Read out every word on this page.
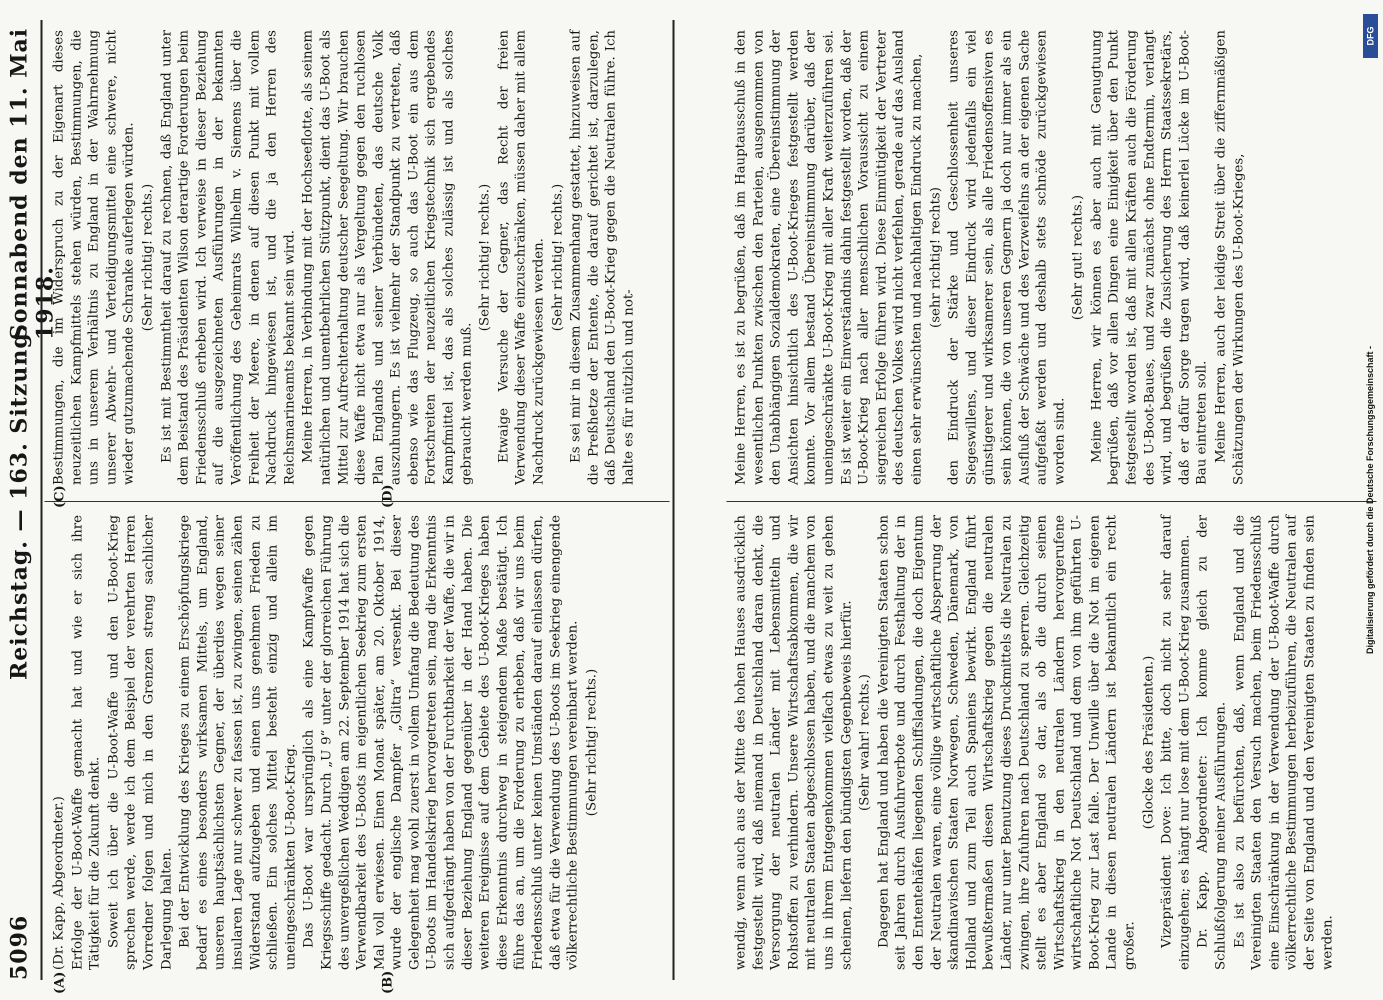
5096
Reichstag. — 163. Sitzung.
Sonnabend den 11. Mai 1918.
(A)	(B)
(C)	(D)

(Dr. Kapp, Abgeordneter.) Erfolge der U-Boot-Waffe gemacht hat und wie er sich ihre Tätigkeit für die Zukunft denkt. Soweit ich über die U-Boot-Waffe und den U-Boot-Krieg sprechen werde, werde ich dem Beispiel der verehrten Herren Vorredner folgen und mich in den Grenzen streng sachlicher Darlegung halten. Bei der Entwicklung des Krieges zu einem Erschöpfungskriege bedarf es eines besonders wirksamen Mittels, um England, unseren hauptsächlichsten Gegner, der überdies wegen seiner insularen Lage nur schwer zu fassen ist, zu zwingen, seinen zähen Widerstand aufzugeben und einen uns genehmen Frieden zu schließen. Ein solches Mittel besteht einzig und allein im uneingeschränkten U-Boot-Krieg. Das U-Boot war ursprünglich als eine Kampfwaffe gegen Kriegsschiffe gedacht. Durch „U 9“ unter der glorreichen Führung des unvergeßlichen Weddigen am 22. September 1914 hat sich die Verwendbarkeit des U-Boots im eigentlichen Seekrieg zum ersten Mal voll erwiesen. Einen Monat später, am 20. Oktober 1914, wurde der englische Dampfer „Glitra“ versenkt. Bei dieser Gelegenheit mag wohl zuerst in vollem Umfang die Bedeutung des U-Boots im Handelskrieg hervorgetreten sein, mag die Erkenntnis sich aufgedrängt haben von der Furchtbarkeit der Waffe, die wir in dieser Beziehung England gegenüber in der Hand haben. Die weiteren Ereignisse auf dem Gebiete des U-Boot-Krieges haben diese Erkenntnis durchweg in steigendem Maße bestätigt. Ich führe das an, um die Forderung zu erheben, daß wir uns beim Friedensschluß unter keinen Umständen darauf einlassen dürfen, daß etwa für die Verwendung des U-Boots im Seekrieg einengende völkerrechtliche Bestimmungen vereinbart werden. (Sehr richtig! rechts.)

Bestimmungen, die im Widerspruch zu der Eigenart dieses neuzeitlichen Kampfmittels stehen würden, Bestimmungen, die uns in unserem Verhältnis zu England in der Wahrnehmung unserer Abwehr- und Verteidigungsmittel eine schwere, nicht wieder gutzumachende Schranke auferlegen würden. (Sehr richtig! rechts.) Es ist mit Bestimmtheit darauf zu rechnen, daß England unter dem Beistand des Präsidenten Wilson derartige Forderungen beim Friedensschluß erheben wird. Ich verweise in dieser Beziehung auf die ausgezeichneten Ausführungen in der bekannten Veröffentlichung des Geheimrats Wilhelm v. Siemens über die Freiheit der Meere, in denen auf diesen Punkt mit vollem Nachdruck hingewiesen ist, und die ja den Herren des Reichsmarineamts bekannt sein wird. Meine Herren, in Verbindung mit der Hochseeflotte, als seinem natürlichen und unentbehrlichen Stützpunkt, dient das U-Boot als Mittel zur Aufrechterhaltung deutscher Seegeltung. Wir brauchen diese Waffe nicht etwa nur als Vergeltung gegen den ruchlosen Plan Englands und seiner Verbündeten, das deutsche Volk auszuhungern. Es ist vielmehr der Standpunkt zu vertreten, daß ebenso wie das Flugzeug, so auch das U-Boot ein aus dem Fortschreiten der neuzeitlichen Kriegstechnik sich ergebendes Kampfmittel ist, das als solches zulässig ist und als solches gebraucht werden muß.

(Sehr richtig! rechts.) Etwaige Versuche der Gegner, das Recht der freien Verwendung dieser Waffe einzuschränken, müssen daher mit allem Nachdruck zurückgewiesen werden. (Sehr richtig! rechts.) Es sei mir in diesem Zusammenhang gestattet, hinzuweisen auf die Preßhetze der Entente, die darauf gerichtet ist, darzulegen, daß Deutschland den U-Boot-Krieg gegen die Neutralen führe. Ich halte es für nützlich und not-

wendig, wenn auch aus der Mitte des hohen Hauses ausdrücklich festgestellt wird, daß niemand in Deutschland daran denkt, die Versorgung der neutralen Länder mit Lebensmitteln und Rohstoffen zu verhindern. Unsere Wirtschaftsabkommen, die wir mit neutralen Staaten abgeschlossen haben, und die manchem von uns in ihrem Entgegenkommen vielfach etwas zu weit zu gehen scheinen, liefern den bündigsten Gegenbeweis hierfür. (Sehr wahr! rechts.) Dagegen hat England und haben die Vereinigten Staaten schon seit Jahren durch Ausfuhrverbote und durch Festhaltung der in den Ententehäfen liegenden Schiffsladungen, die doch Eigentum der Neutralen waren, eine völlige wirtschaftliche Absperrung der skandinavischen Staaten Norwegen, Schweden, Dänemark, von Holland und zum Teil auch Spaniens bewirkt. England führt bewußtermaßen diesen Wirtschaftskrieg gegen die neutralen Länder, nur unter Benutzung dieses Druckmittels die Neutralen zu zwingen, ihre Zufuhren nach Deutschland zu sperren. Gleichzeitig stellt es aber England so dar, als ob die durch seinen Wirtschaftskrieg in den neutralen Ländern hervorgerufene wirtschaftliche Not Deutschland und dem von ihm geführten U-Boot-Krieg zur Last falle. Der Unwille über die Not im eigenen Lande in diesen neutralen Ländern ist bekanntlich ein recht großer.

(Glocke des Präsidenten.) Vizepräsident Dove: Ich bitte, doch nicht zu sehr darauf einzugehen; es hängt nur lose mit dem U-Boot-Krieg zusammen. Dr. Kapp, Abgeordneter: Ich komme gleich zu der Schlußfolgerung meiner Ausführungen. Es ist also zu befürchten, daß, wenn England und die Vereinigten Staaten den Versuch machen, beim Friedensschluß eine Einschränkung in der Verwendung der U-Boot-Waffe durch völkerrechtliche Bestimmungen herbeizuführen, die Neutralen auf der Seite von England und den Vereinigten Staaten zu finden sein werden.

Meine Herren, es ist zu begrüßen, daß im Hauptausschuß in den wesentlichen Punkten zwischen den Parteien, ausgenommen von den Unabhängigen Sozialdemokraten, eine Übereinstimmung der Ansichten hinsichtlich des U-Boot-Krieges festgestellt werden konnte. Vor allem bestand Übereinstimmung darüber, daß der uneingeschränkte U-Boot-Krieg mit aller Kraft weiterzuführen sei. Es ist weiter ein Einverständnis dahin festgestellt worden, daß der U-Boot-Krieg nach aller menschlichen Voraussicht zu einem siegreichen Erfolge führen wird. Diese Einmütigkeit der Vertreter des deutschen Volkes wird nicht verfehlen, gerade auf das Ausland einen sehr erwünschten und nachhaltigen Eindruck zu machen, (sehr richtig! rechts) den Eindruck der Stärke und Geschlossenheit unseres Siegeswillens, und dieser Eindruck wird jedenfalls ein viel günstigerer und wirksamerer sein, als alle Friedensoffensiven es sein können, die von unseren Gegnern ja doch nur immer als ein Ausfluß der Schwäche und des Verzweifelns an der eigenen Sache aufgefaßt werden und deshalb stets schnöde zurückgewiesen worden sind.

(Sehr gut! rechts.) Meine Herren, wir können es aber auch mit Genugtuung begrüßen, daß vor allen Dingen eine Einigkeit über den Punkt festgestellt worden ist, daß mit allen Kräften auch die Förderung des U-Boot-Baues, und zwar zunächst ohne Endtermin, verlangt wird, und begrüßen die Zusicherung des Herrn Staatssekretärs, daß er dafür Sorge tragen wird, daß keinerlei Lücke im U-Boot-Bau eintreten soll. Meine Herren, auch der leidige Streit über die ziffernmäßigen Schätzungen der Wirkungen des U-Boot-Krieges,

DFG
Digitalisierung gefördert durch die Deutsche Forschungsgemeinschaft -
